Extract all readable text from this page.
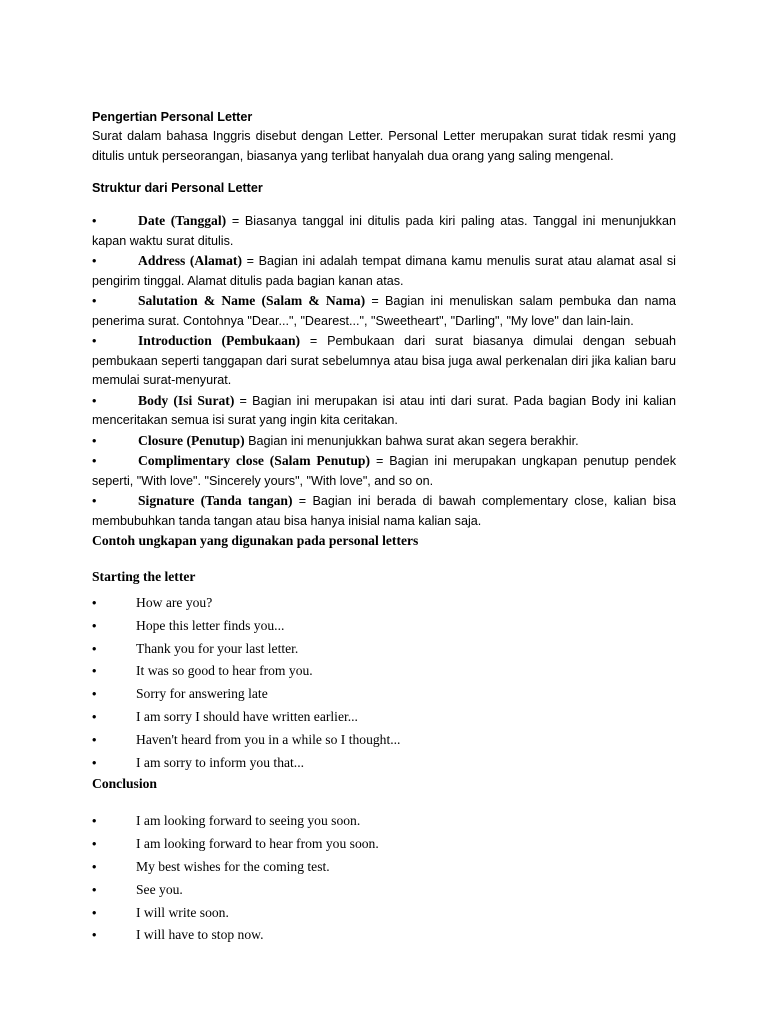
Pengertian Personal Letter
Surat dalam bahasa Inggris disebut dengan Letter. Personal Letter merupakan surat tidak resmi yang ditulis untuk perseorangan, biasanya yang terlibat hanyalah dua orang yang saling mengenal.
Struktur dari Personal Letter
•	Date (Tanggal) = Biasanya tanggal ini ditulis pada kiri paling atas. Tanggal ini menunjukkan kapan waktu surat ditulis.
•	Address (Alamat) = Bagian ini adalah tempat dimana kamu menulis surat atau alamat asal si pengirim tinggal. Alamat ditulis pada bagian kanan atas.
•	Salutation & Name (Salam & Nama) = Bagian ini menuliskan salam pembuka dan nama penerima surat. Contohnya "Dear...", "Dearest...", "Sweetheart", "Darling", "My love" dan lain-lain.
•	Introduction (Pembukaan) = Pembukaan dari surat biasanya dimulai dengan sebuah pembukaan seperti tanggapan dari surat sebelumnya atau bisa juga awal perkenalan diri jika kalian baru memulai surat-menyurat.
•	Body (Isi Surat) = Bagian ini merupakan isi atau inti dari surat. Pada bagian Body ini kalian menceritakan semua isi surat yang ingin kita ceritakan.
•	Closure (Penutup) Bagian ini menunjukkan bahwa surat akan segera berakhir.
•	Complimentary close (Salam Penutup) = Bagian ini merupakan ungkapan penutup pendek seperti, "With love". "Sincerely yours", "With love", and so on.
•	Signature (Tanda tangan) = Bagian ini berada di bawah complementary close, kalian bisa membubuhkan tanda tangan atau bisa hanya inisial nama kalian saja.
Contoh ungkapan yang digunakan pada personal letters
Starting the letter
•	How are you?
•	Hope this letter finds you...
•	Thank you for your last letter.
•	It was so good to hear from you.
•	Sorry for answering late
•	I am sorry I should have written earlier...
•	Haven't heard from you in a while so I thought...
•	I am sorry to inform you that...
Conclusion
•	I am looking forward to seeing you soon.
•	I am looking forward to hear from you soon.
•	My best wishes for the coming test.
•	See you.
•	I will write soon.
•	I will have to stop now.
